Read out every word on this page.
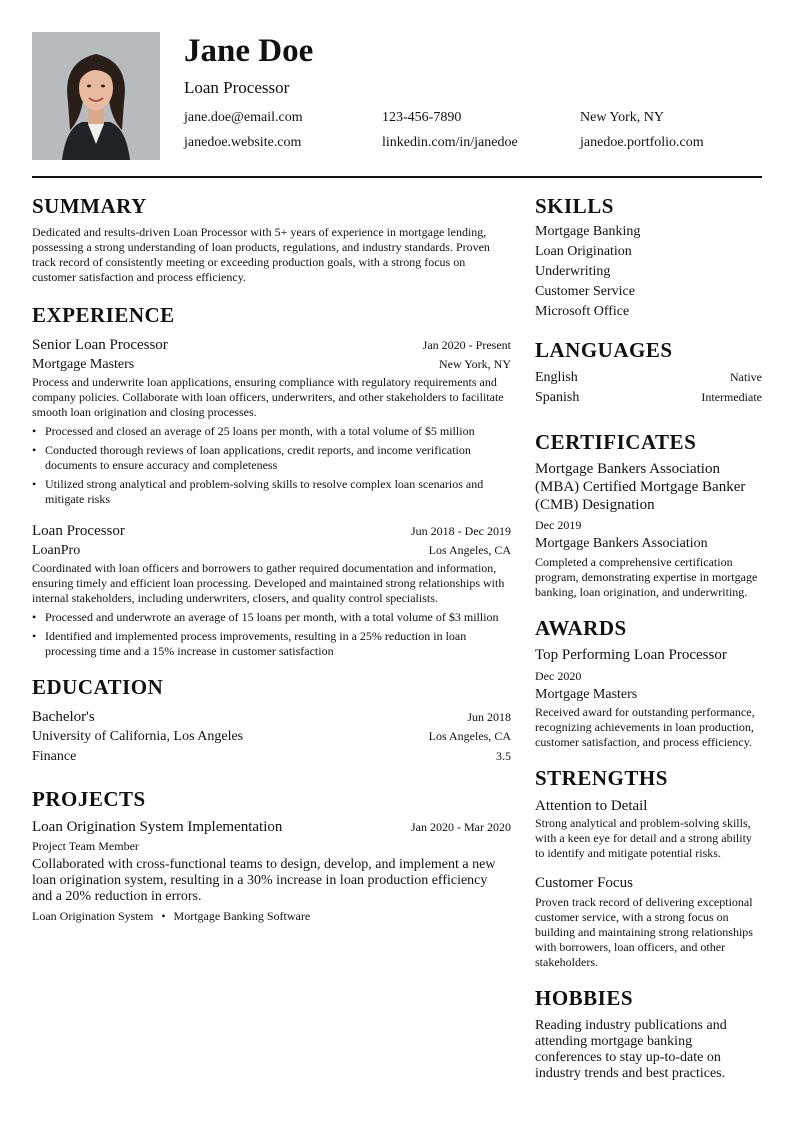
Jane Doe
Loan Processor
jane.doe@email.com	123-456-7890	New York, NY
janedoe.website.com	linkedin.com/in/janedoe	janedoe.portfolio.com
SUMMARY

Dedicated and results-driven Loan Processor with 5+ years of experience in mortgage lending, possessing a strong understanding of loan products, regulations, and industry standards. Proven track record of consistently meeting or exceeding production goals, with a strong focus on customer satisfaction and process efficiency.

EXPERIENCE
Senior Loan Processor	Jan 2020 - Present
Mortgage Masters	New York, NY

Process and underwrite loan applications, ensuring compliance with regulatory requirements and company policies. Collaborate with loan officers, underwriters, and other stakeholders to facilitate smooth loan origination and closing processes.

• Processed and closed an average of 25 loans per month, with a total volume of $5 million
• Conducted thorough reviews of loan applications, credit reports, and income verification documents to ensure accuracy and completeness
• Utilized strong analytical and problem-solving skills to resolve complex loan scenarios and mitigate risks
Loan Processor	Jun 2018 - Dec 2019
LoanPro	Los Angeles, CA

Coordinated with loan officers and borrowers to gather required documentation and information, ensuring timely and efficient loan processing. Developed and maintained strong relationships with internal stakeholders, including underwriters, closers, and quality control specialists.

• Processed and underwrote an average of 15 loans per month, with a total volume of $3 million
• Identified and implemented process improvements, resulting in a 25% reduction in loan processing time and a 15% increase in customer satisfaction
EDUCATION
Bachelor's	Jun 2018
University of California, Los Angeles	Los Angeles, CA
Finance	3.5
PROJECTS
Loan Origination System Implementation	Jan 2020 - Mar 2020
Project Team Member

Collaborated with cross-functional teams to design, develop, and implement a new loan origination system, resulting in a 30% increase in loan production efficiency and a 20% reduction in errors.

Loan Origination System • Mortgage Banking Software
SKILLS
Mortgage Banking
Loan Origination
Underwriting
Customer Service
Microsoft Office
LANGUAGES
English	Native
Spanish	Intermediate
CERTIFICATES
Mortgage Bankers Association (MBA) Certified Mortgage Banker (CMB) Designation
Dec 2019
Mortgage Bankers Association

Completed a comprehensive certification program, demonstrating expertise in mortgage banking, loan origination, and underwriting.

AWARDS
Top Performing Loan Processor
Dec 2020
Mortgage Masters

Received award for outstanding performance, recognizing achievements in loan production, customer satisfaction, and process efficiency.

STRENGTHS
Attention to Detail

Strong analytical and problem-solving skills, with a keen eye for detail and a strong ability to identify and mitigate potential risks.

Customer Focus

Proven track record of delivering exceptional customer service, with a strong focus on building and maintaining strong relationships with borrowers, loan officers, and other stakeholders.

HOBBIES

Reading industry publications and attending mortgage banking conferences to stay up-to-date on industry trends and best practices.
